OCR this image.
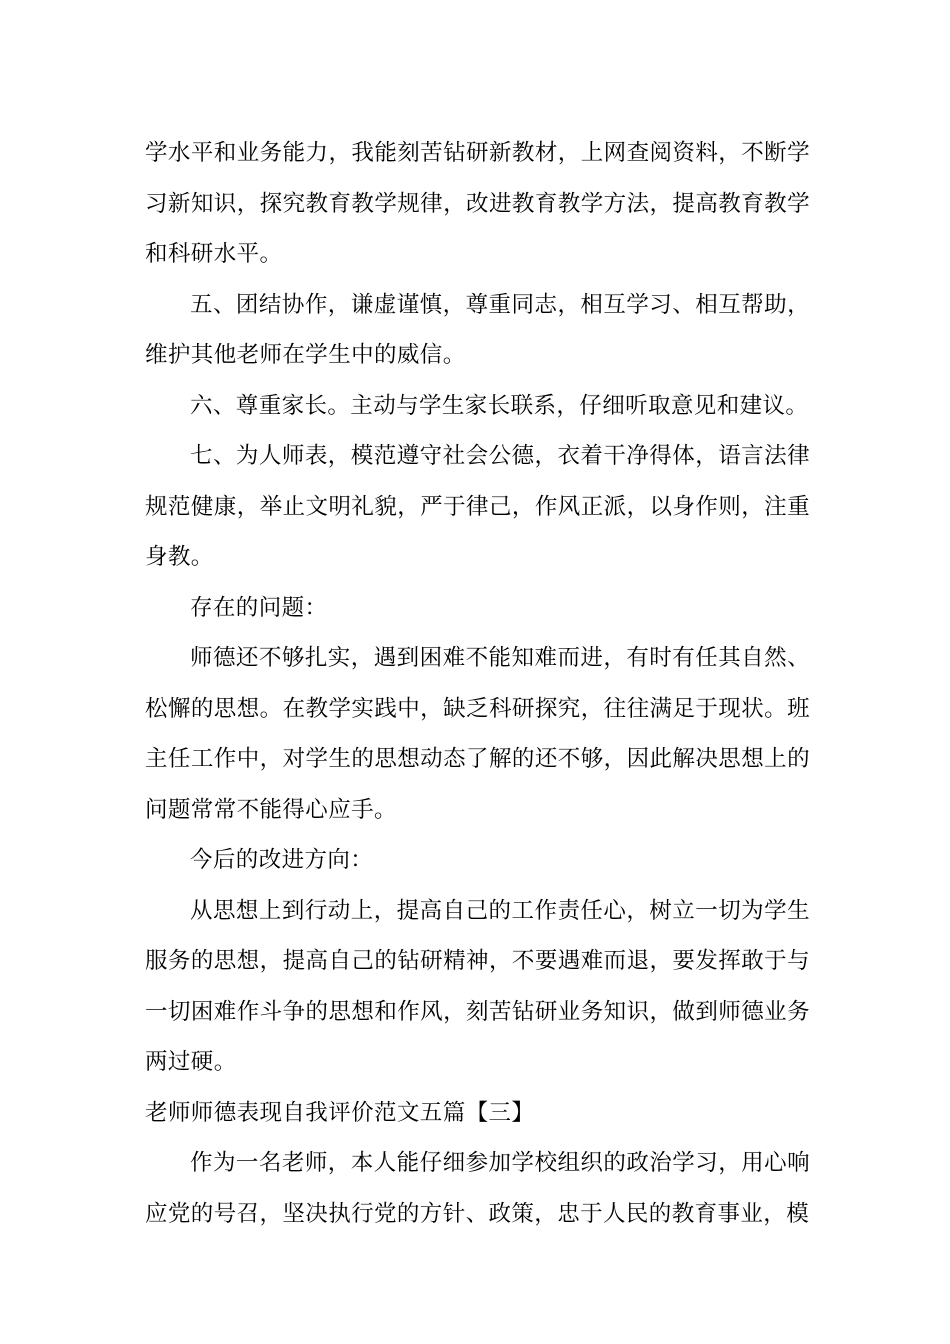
学水平和业务能力，我能刻苦钻研新教材，上网查阅资料，不断学习新知识，探究教育教学规律，改进教育教学方法，提高教育教学和科研水平。

五、团结协作，谦虚谨慎，尊重同志，相互学习、相互帮助，维护其他老师在学生中的威信。

六、尊重家长。主动与学生家长联系，仔细听取意见和建议。

七、为人师表，模范遵守社会公德，衣着干净得体，语言法律规范健康，举止文明礼貌，严于律己，作风正派，以身作则，注重身教。

存在的问题：

师德还不够扎实，遇到困难不能知难而进，有时有任其自然、松懈的思想。在教学实践中，缺乏科研探究，往往满足于现状。班主任工作中，对学生的思想动态了解的还不够，因此解决思想上的问题常常不能得心应手。

今后的改进方向：

从思想上到行动上，提高自己的工作责任心，树立一切为学生服务的思想，提高自己的钻研精神，不要遇难而退，要发挥敢于与一切困难作斗争的思想和作风，刻苦钻研业务知识，做到师德业务两过硬。

老师师德表现自我评价范文五篇【三】

作为一名老师，本人能仔细参加学校组织的政治学习，用心响应党的号召，坚决执行党的方针、政策，忠于人民的教育事业，模
